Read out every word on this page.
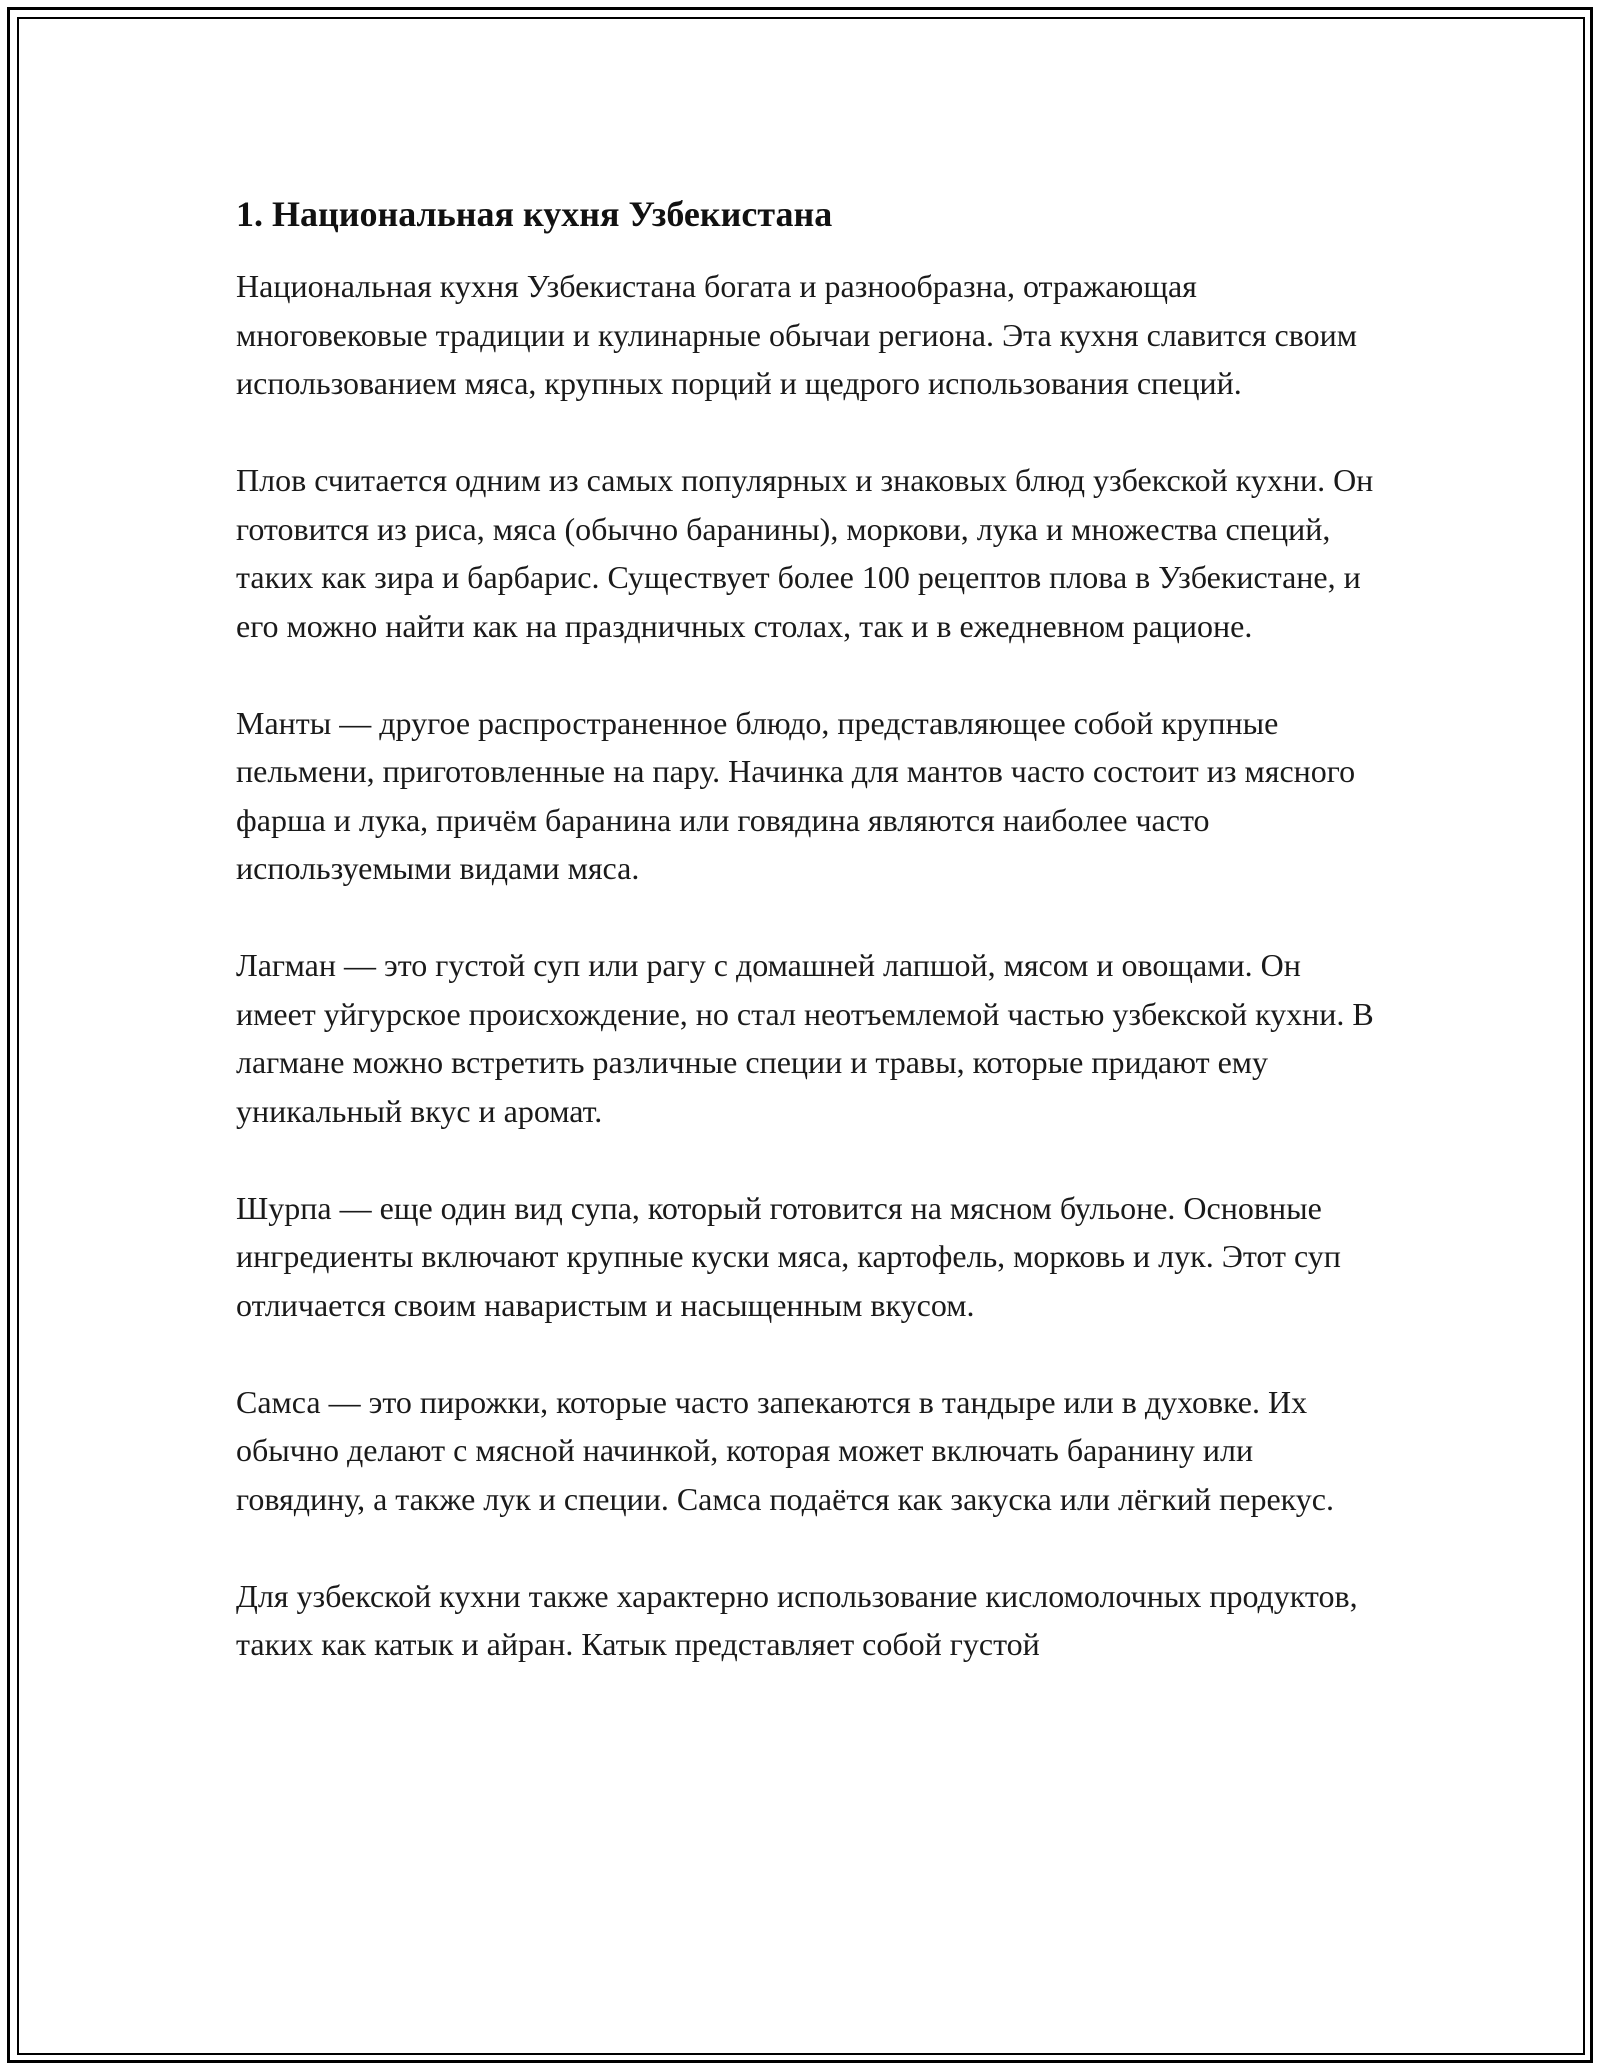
1. Национальная кухня Узбекистана

Национальная кухня Узбекистана богата и разнообразна, отражающая многовековые традиции и кулинарные обычаи региона. Эта кухня славится своим использованием мяса, крупных порций и щедрого использования специй.

Плов считается одним из самых популярных и знаковых блюд узбекской кухни. Он готовится из риса, мяса (обычно баранины), моркови, лука и множества специй, таких как зира и барбарис. Существует более 100 рецептов плова в Узбекистане, и его можно найти как на праздничных столах, так и в ежедневном рационе.

Манты — другое распространенное блюдо, представляющее собой крупные пельмени, приготовленные на пару. Начинка для мантов часто состоит из мясного фарша и лука, причём баранина или говядина являются наиболее часто используемыми видами мяса.

Лагман — это густой суп или рагу с домашней лапшой, мясом и овощами. Он имеет уйгурское происхождение, но стал неотъемлемой частью узбекской кухни. В лагмане можно встретить различные специи и травы, которые придают ему уникальный вкус и аромат.

Шурпа — еще один вид супа, который готовится на мясном бульоне. Основные ингредиенты включают крупные куски мяса, картофель, морковь и лук. Этот суп отличается своим наваристым и насыщенным вкусом.

Самса — это пирожки, которые часто запекаются в тандыре или в духовке. Их обычно делают с мясной начинкой, которая может включать баранину или говядину, а также лук и специи. Самса подаётся как закуска или лёгкий перекус.

Для узбекской кухни также характерно использование кисломолочных продуктов, таких как катык и айран. Катык представляет собой густой
